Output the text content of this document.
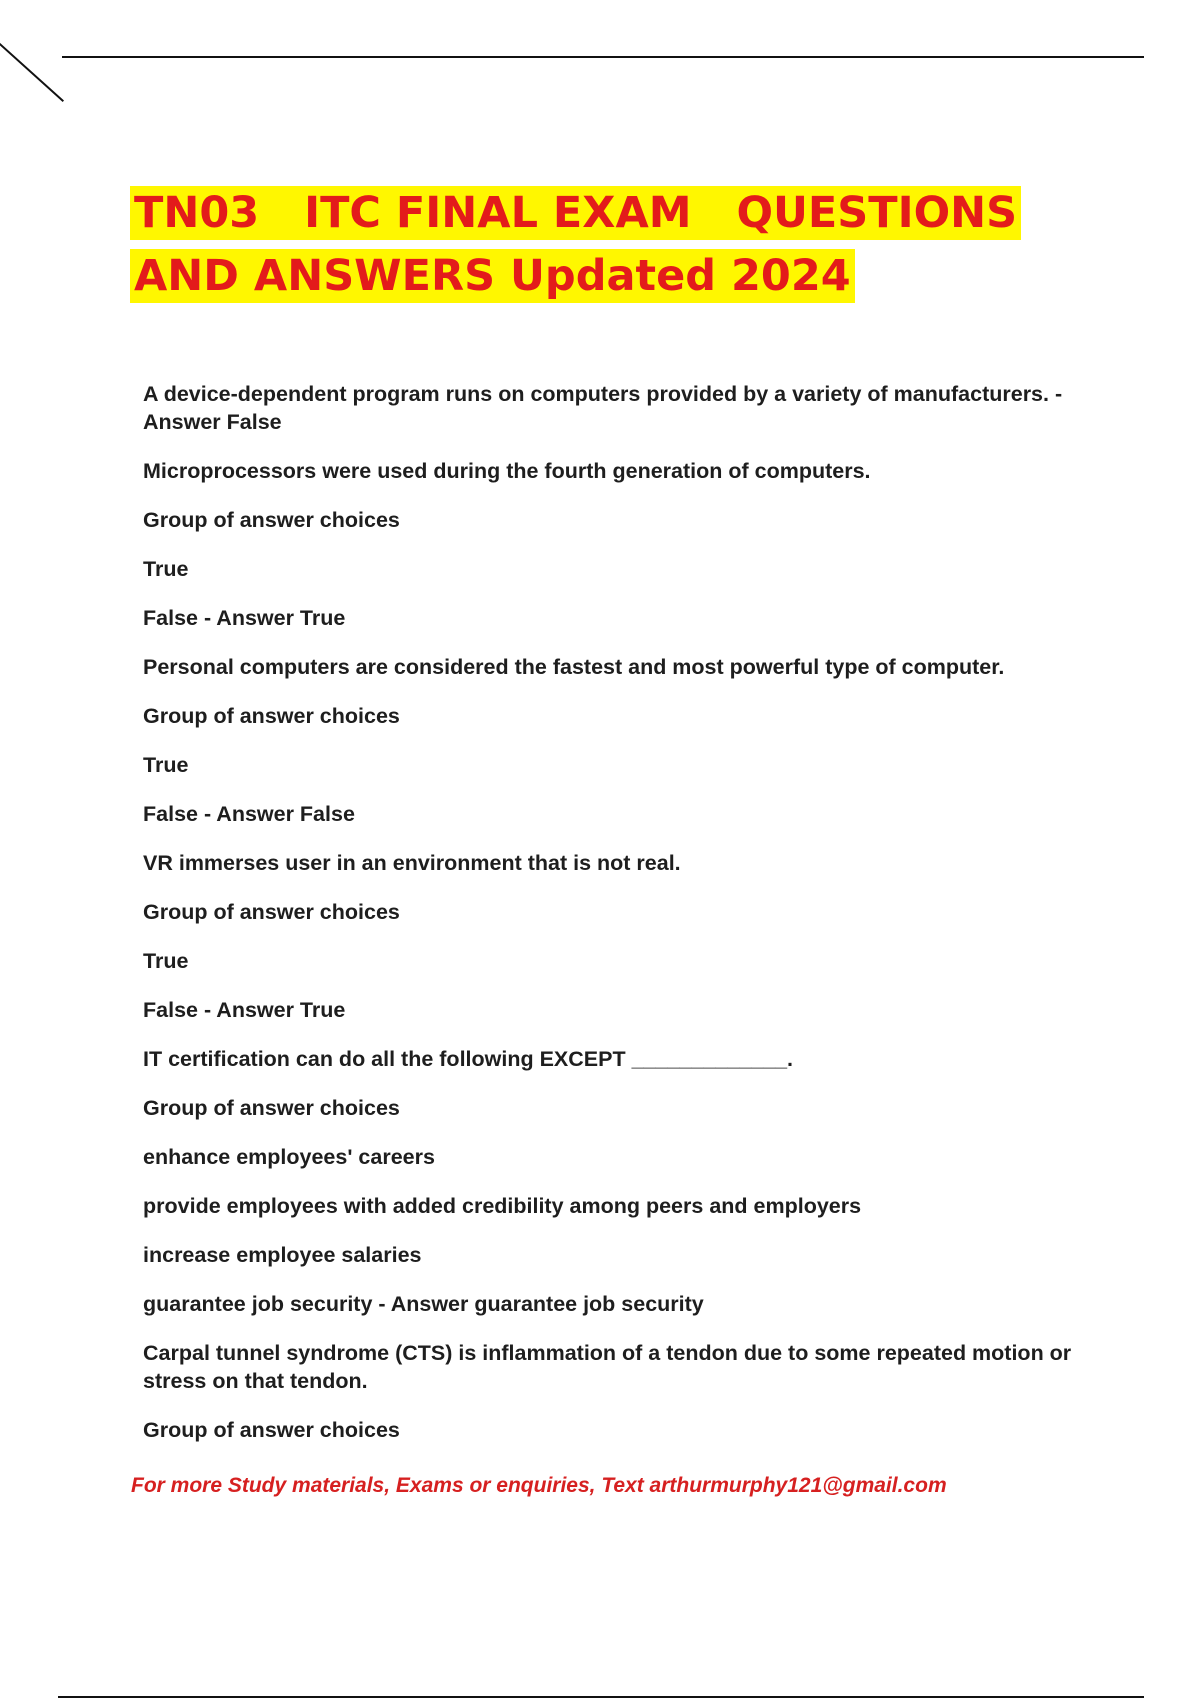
TN03   ITC FINAL EXAM   QUESTIONS
AND ANSWERS Updated 2024

A device-dependent program runs on computers provided by a variety of manufacturers. - Answer False

Microprocessors were used during the fourth generation of computers.

Group of answer choices

True

False - Answer True

Personal computers are considered the fastest and most powerful type of computer.

Group of answer choices

True

False - Answer False

VR immerses user in an environment that is not real.

Group of answer choices

True

False - Answer True

IT certification can do all the following EXCEPT _____________.

Group of answer choices

enhance employees' careers

provide employees with added credibility among peers and employers

increase employee salaries

guarantee job security - Answer guarantee job security

Carpal tunnel syndrome (CTS) is inflammation of a tendon due to some repeated motion or stress on that tendon.

Group of answer choices

For more Study materials, Exams or enquiries, Text arthurmurphy121@gmail.com
